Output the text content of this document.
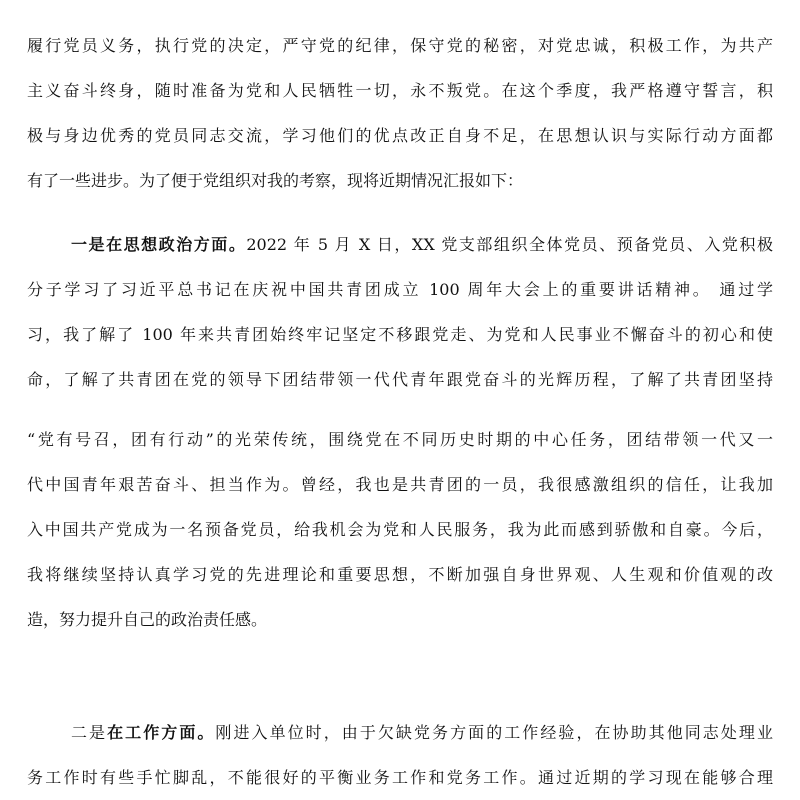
履行党员义务，执行党的决定，严守党的纪律，保守党的秘密，对党忠诚，积极工作，为共产
主义奋斗终身，随时准备为党和人民牺牲一切，永不叛党。在这个季度，我严格遵守誓言，积
极与身边优秀的党员同志交流，学习他们的优点改正自身不足，在思想认识与实际行动方面都
有了一些进步。为了便于党组织对我的考察，现将近期情况汇报如下：
一是在思想政治方面。2022 年 5 月 X 日，XX 党支部组织全体党员、预备党员、入党积极
分子学习了习近平总书记在庆祝中国共青团成立 100 周年大会上的重要讲话精神。 通过学
习，我了解了 100 年来共青团始终牢记坚定不移跟党走、为党和人民事业不懈奋斗的初心和使
命，了解了共青团在党的领导下团结带领一代代青年跟党奋斗的光辉历程，了解了共青团坚持
“党有号召，团有行动”的光荣传统，围绕党在不同历史时期的中心任务，团结带领一代又一
代中国青年艰苦奋斗、担当作为。曾经，我也是共青团的一员，我很感激组织的信任，让我加
入中国共产党成为一名预备党员，给我机会为党和人民服务，我为此而感到骄傲和自豪。今后，
我将继续坚持认真学习党的先进理论和重要思想，不断加强自身世界观、人生观和价值观的改
造，努力提升自己的政治责任感。
二是在工作方面。刚进入单位时，由于欠缺党务方面的工作经验，在协助其他同志处理业
务工作时有些手忙脚乱，不能很好的平衡业务工作和党务工作。通过近期的学习现在能够合理
